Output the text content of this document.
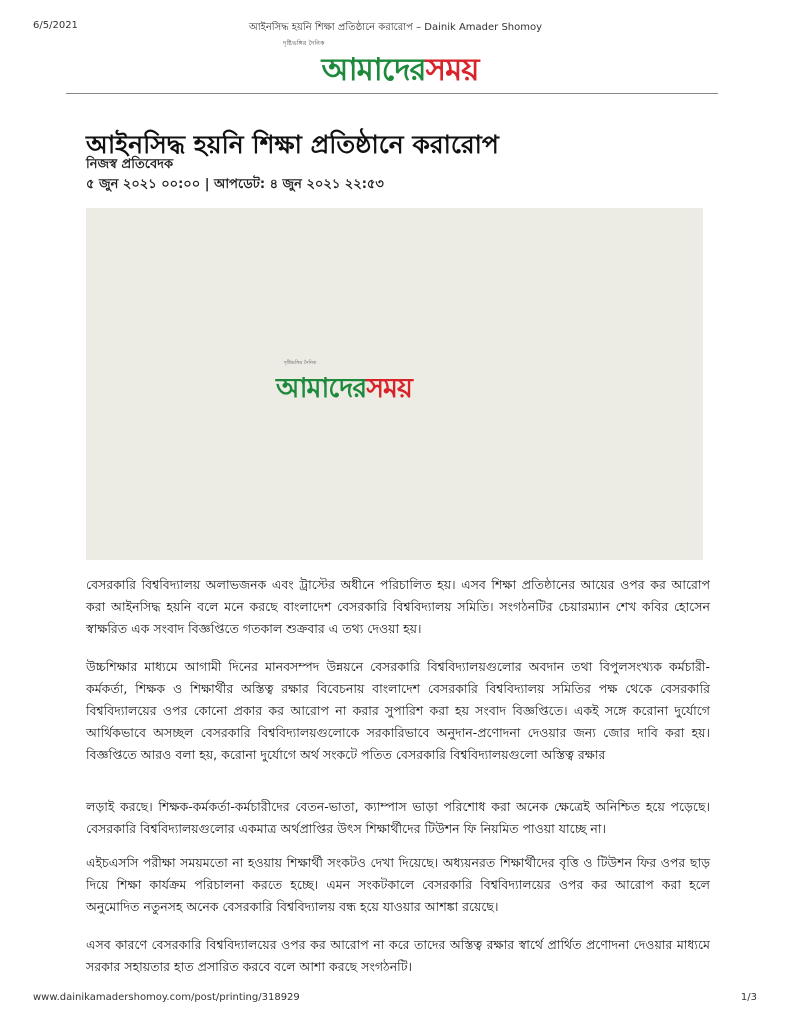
6/5/2021	আইনসিদ্ধ হয়নি শিক্ষা প্রতিষ্ঠানে করারোপ – Dainik Amader Shomoy
দৃষ্টিভঙ্গির দৈনিক
আমাদেরসময়
আইনসিদ্ধ হয়নি শিক্ষা প্রতিষ্ঠানে করারোপ
নিজস্ব প্রতিবেদক
৫ জুন ২০২১ ০০:০০ | আপডেট: ৪ জুন ২০২১ ২২:৫৩
দৃষ্টিভঙ্গির দৈনিক
আমাদেরসময়

বেসরকারি বিশ্ববিদ্যালয় অলাভজনক এবং ট্রাস্টের অধীনে পরিচালিত হয়। এসব শিক্ষা প্রতিষ্ঠানের আয়ের ওপর কর আরোপ করা আইনসিদ্ধ হয়নি বলে মনে করছে বাংলাদেশ বেসরকারি বিশ্ববিদ্যালয় সমিতি। সংগঠনটির চেয়ারম্যান শেখ কবির হোসেন স্বাক্ষরিত এক সংবাদ বিজ্ঞপ্তিতে গতকাল শুক্রবার এ তথ্য দেওয়া হয়।

উচ্চশিক্ষার মাধ্যমে আগামী দিনের মানবসম্পদ উন্নয়নে বেসরকারি বিশ্ববিদ্যালয়গুলোর অবদান তথা বিপুলসংখ্যক কর্মচারী-কর্মকর্তা, শিক্ষক ও শিক্ষার্থীর অস্তিত্ব রক্ষার বিবেচনায় বাংলাদেশ বেসরকারি বিশ্ববিদ্যালয় সমিতির পক্ষ থেকে বেসরকারি বিশ্ববিদ্যালয়ের ওপর কোনো প্রকার কর আরোপ না করার সুপারিশ করা হয় সংবাদ বিজ্ঞপ্তিতে। একই সঙ্গে করোনা দুর্যোগে আর্থিকভাবে অসচ্ছল বেসরকারি বিশ্ববিদ্যালয়গুলোকে সরকারিভাবে অনুদান-প্রণোদনা দেওয়ার জন্য জোর দাবি করা হয়। বিজ্ঞপ্তিতে আরও বলা হয়, করোনা দুর্যোগে অর্থ সংকটে পতিত বেসরকারি বিশ্ববিদ্যালয়গুলো অস্তিত্ব রক্ষার

লড়াই করছে। শিক্ষক-কর্মকর্তা-কর্মচারীদের বেতন-ভাতা, ক্যাম্পাস ভাড়া পরিশোধ করা অনেক ক্ষেত্রেই অনিশ্চিত হয়ে পড়েছে। বেসরকারি বিশ্ববিদ্যালয়গুলোর একমাত্র অর্থপ্রাপ্তির উৎস শিক্ষার্থীদের টিউশন ফি নিয়মিত পাওয়া যাচ্ছে না।

এইচএসসি পরীক্ষা সময়মতো না হওয়ায় শিক্ষার্থী সংকটও দেখা দিয়েছে। অধ্যয়নরত শিক্ষার্থীদের বৃত্তি ও টিউশন ফির ওপর ছাড় দিয়ে শিক্ষা কার্যক্রম পরিচালনা করতে হচ্ছে। এমন সংকটকালে বেসরকারি বিশ্ববিদ্যালয়ের ওপর কর আরোপ করা হলে অনুমোদিত নতুনসহ অনেক বেসরকারি বিশ্ববিদ্যালয় বন্ধ হয়ে যাওয়ার আশঙ্কা রয়েছে।

এসব কারণে বেসরকারি বিশ্ববিদ্যালয়ের ওপর কর আরোপ না করে তাদের অস্তিত্ব রক্ষার স্বার্থে প্রার্থিত প্রণোদনা দেওয়ার মাধ্যমে সরকার সহায়তার হাত প্রসারিত করবে বলে আশা করছে সংগঠনটি।

www.dainikamadershomoy.com/post/printing/318929	1/3
